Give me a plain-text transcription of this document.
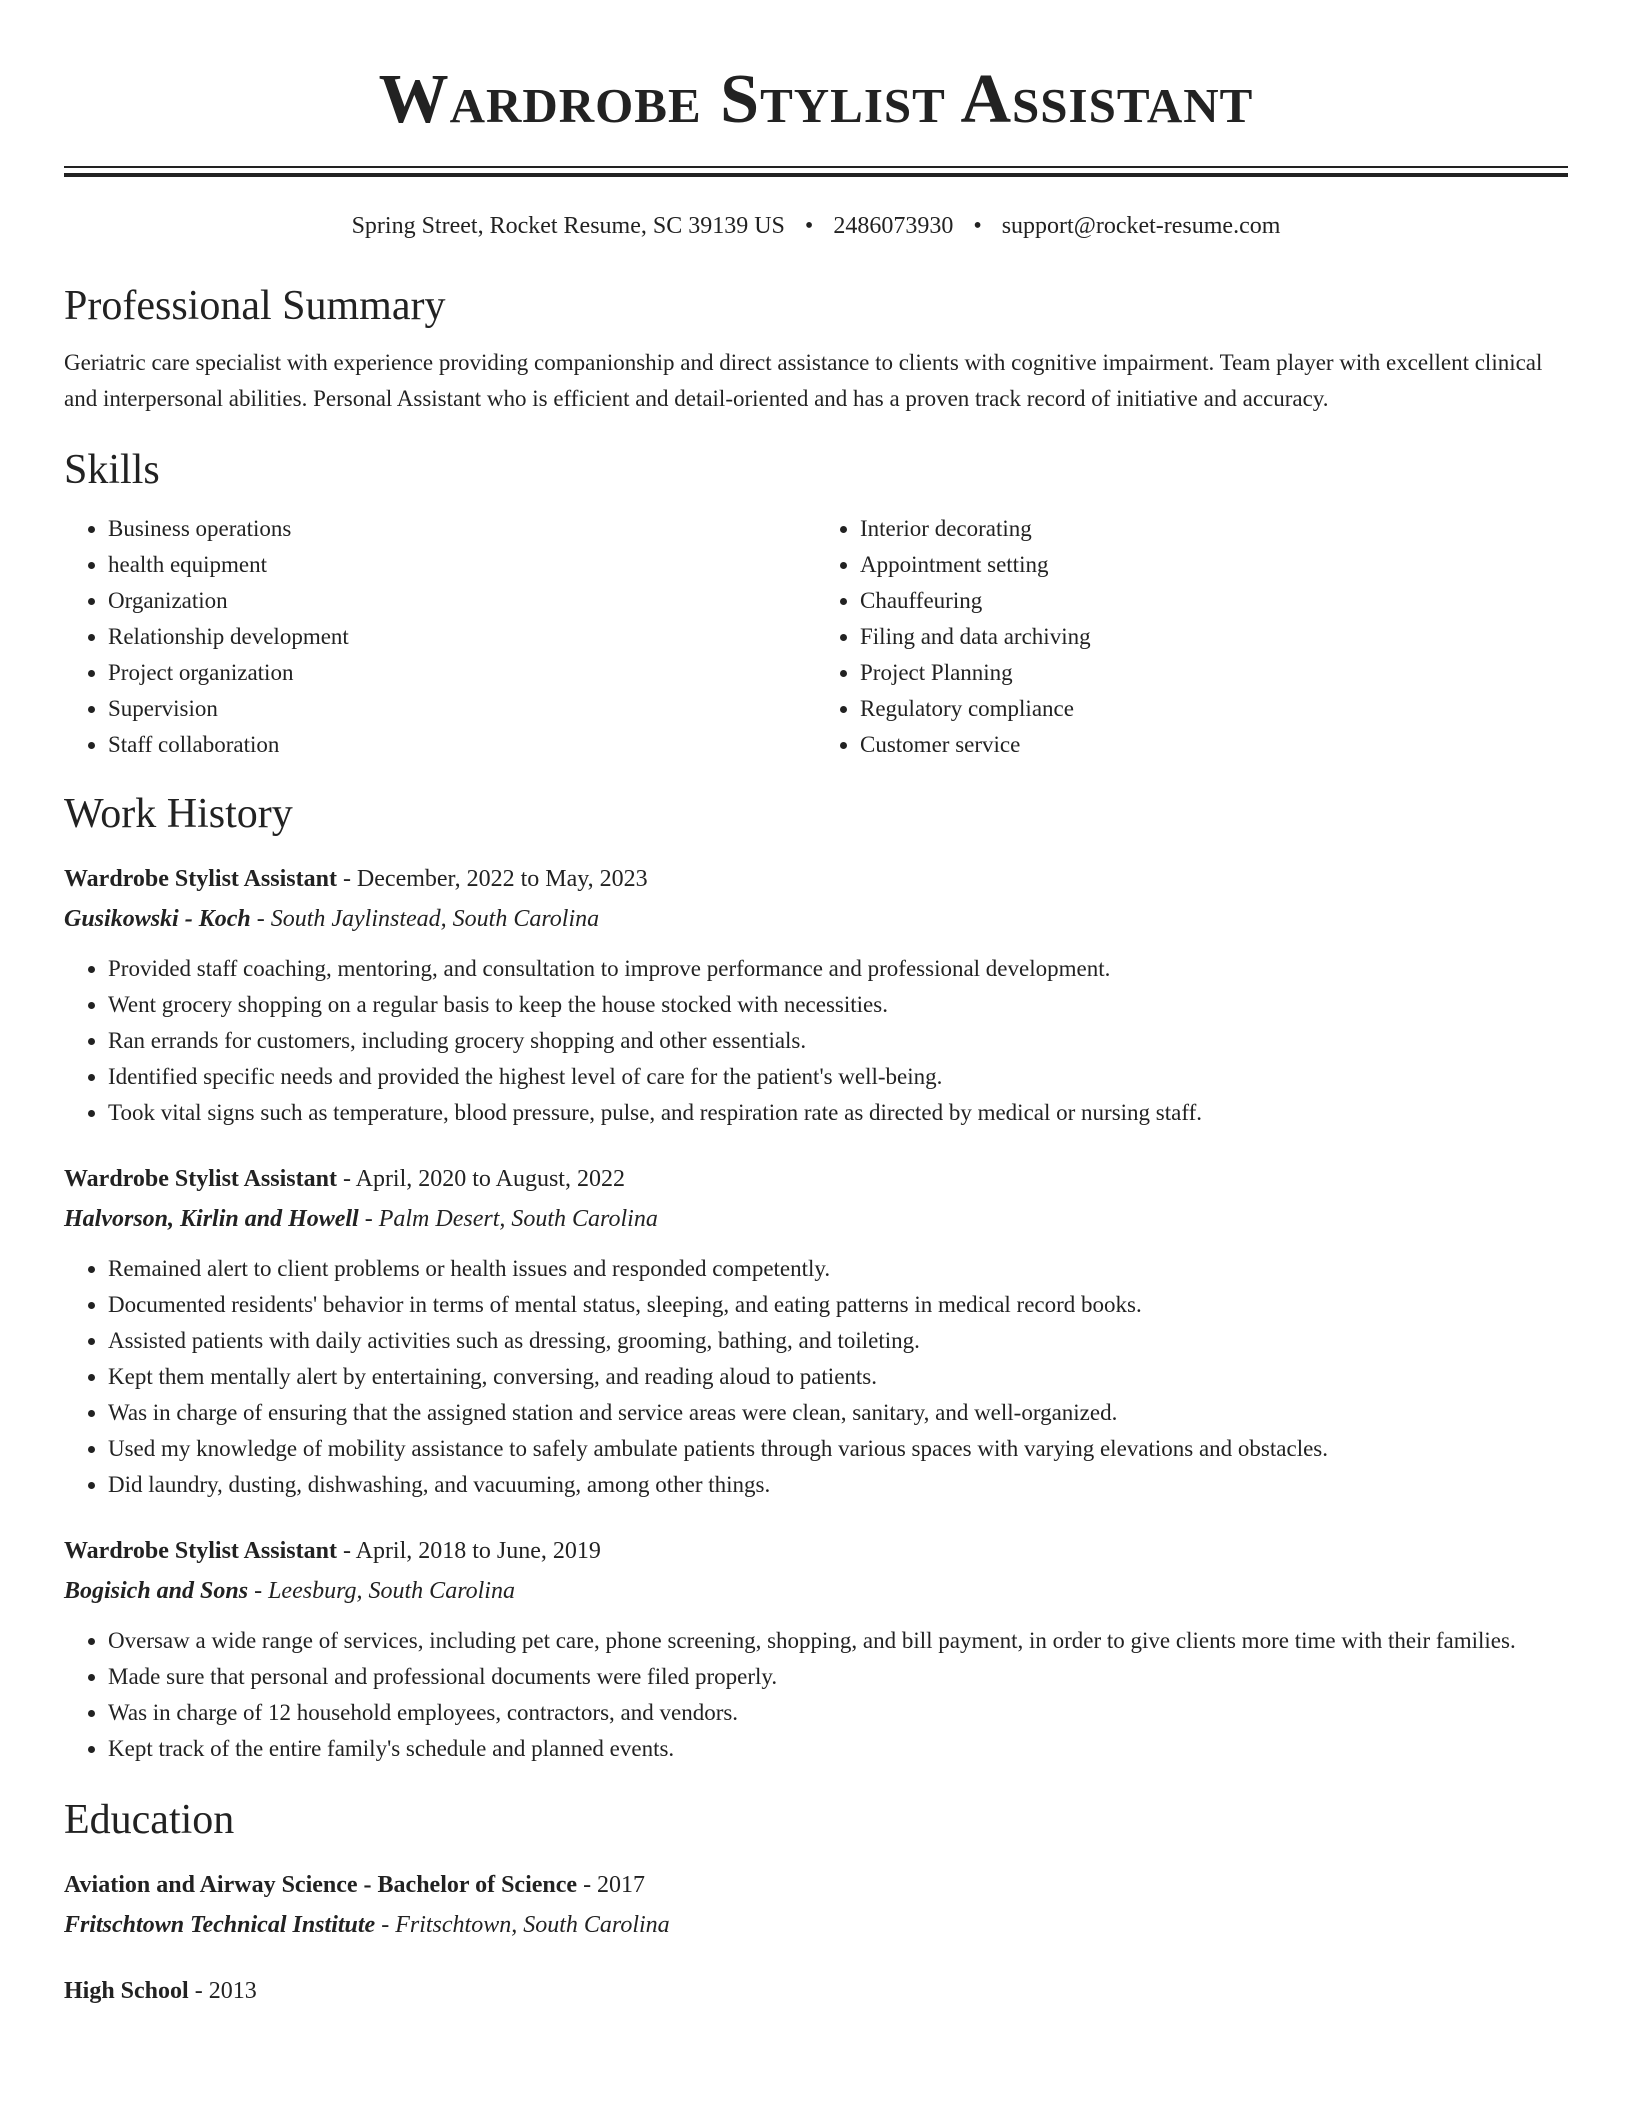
Wardrobe Stylist Assistant
Spring Street, Rocket Resume, SC 39139 US • 2486073930 • support@rocket-resume.com
Professional Summary

Geriatric care specialist with experience providing companionship and direct assistance to clients with cognitive impairment. Team player with excellent clinical and interpersonal abilities. Personal Assistant who is efficient and detail-oriented and has a proven track record of initiative and accuracy.

Skills
• Business operations
• health equipment
• Organization
• Relationship development
• Project organization
• Supervision
• Staff collaboration
• Interior decorating
• Appointment setting
• Chauffeuring
• Filing and data archiving
• Project Planning
• Regulatory compliance
• Customer service
Work History
Wardrobe Stylist Assistant - December, 2022 to May, 2023
Gusikowski - Koch - South Jaylinstead, South Carolina
• Provided staff coaching, mentoring, and consultation to improve performance and professional development.
• Went grocery shopping on a regular basis to keep the house stocked with necessities.
• Ran errands for customers, including grocery shopping and other essentials.
• Identified specific needs and provided the highest level of care for the patient's well-being.
• Took vital signs such as temperature, blood pressure, pulse, and respiration rate as directed by medical or nursing staff.
Wardrobe Stylist Assistant - April, 2020 to August, 2022
Halvorson, Kirlin and Howell - Palm Desert, South Carolina
• Remained alert to client problems or health issues and responded competently.
• Documented residents' behavior in terms of mental status, sleeping, and eating patterns in medical record books.
• Assisted patients with daily activities such as dressing, grooming, bathing, and toileting.
• Kept them mentally alert by entertaining, conversing, and reading aloud to patients.
• Was in charge of ensuring that the assigned station and service areas were clean, sanitary, and well-organized.
• Used my knowledge of mobility assistance to safely ambulate patients through various spaces with varying elevations and obstacles.
• Did laundry, dusting, dishwashing, and vacuuming, among other things.
Wardrobe Stylist Assistant - April, 2018 to June, 2019
Bogisich and Sons - Leesburg, South Carolina
• Oversaw a wide range of services, including pet care, phone screening, shopping, and bill payment, in order to give clients more time with their families.
• Made sure that personal and professional documents were filed properly.
• Was in charge of 12 household employees, contractors, and vendors.
• Kept track of the entire family's schedule and planned events.
Education
Aviation and Airway Science - Bachelor of Science - 2017
Fritschtown Technical Institute - Fritschtown, South Carolina
High School - 2013
